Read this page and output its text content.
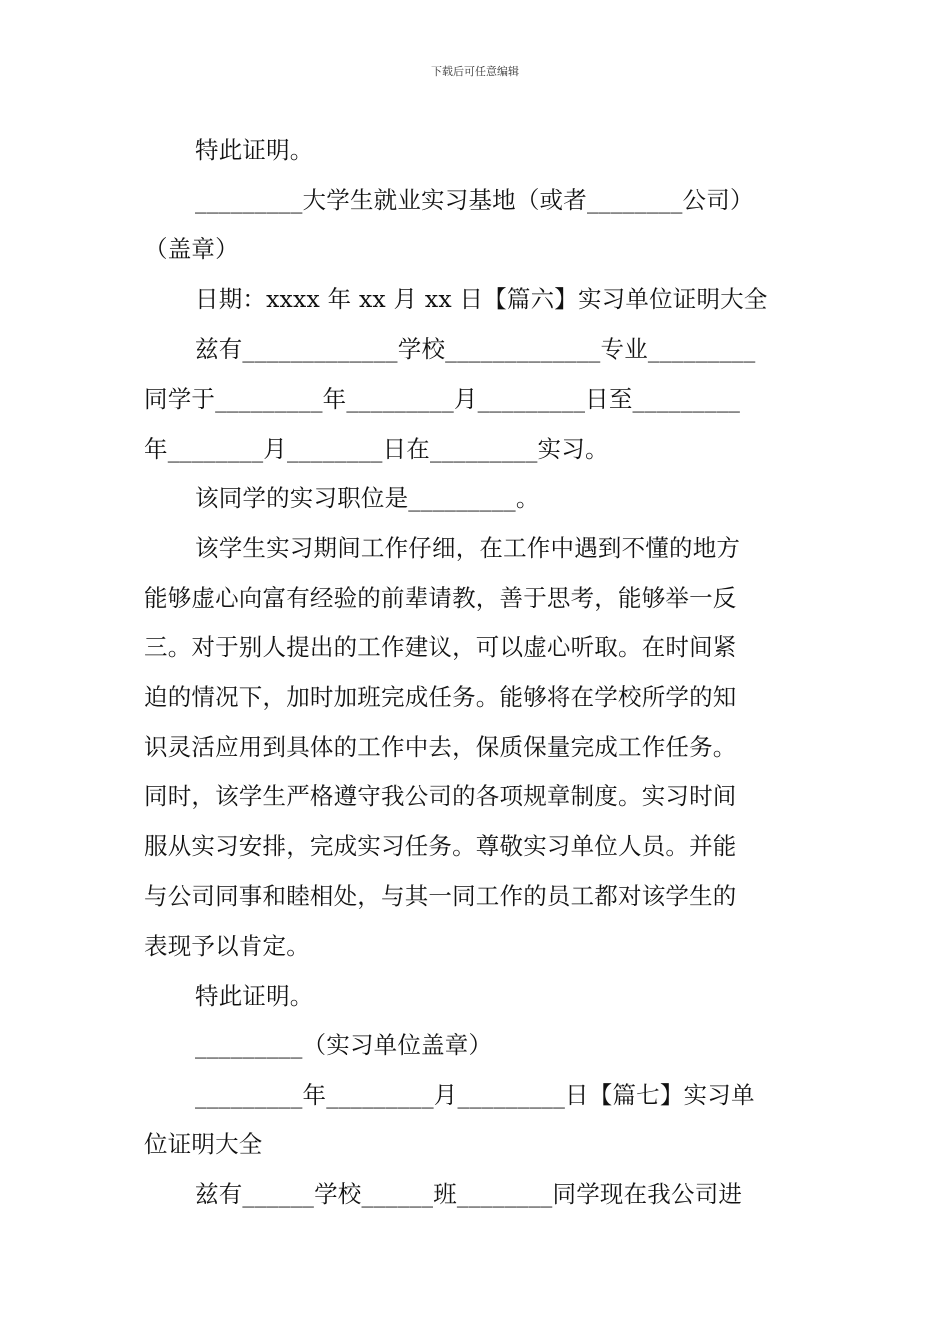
下载后可任意编辑
特此证明。
_________大学生就业实习基地（或者________公司）
（盖章）
日期：xxxx 年 xx 月 xx 日【篇六】实习单位证明大全
兹有_____________学校_____________专业_________
同学于_________年_________月_________日至_________
年________月________日在_________实习。
该同学的实习职位是_________。
该学生实习期间工作仔细，在工作中遇到不懂的地方
能够虚心向富有经验的前辈请教，善于思考，能够举一反
三。对于别人提出的工作建议，可以虚心听取。在时间紧
迫的情况下，加时加班完成任务。能够将在学校所学的知
识灵活应用到具体的工作中去，保质保量完成工作任务。
同时，该学生严格遵守我公司的各项规章制度。实习时间
服从实习安排，完成实习任务。尊敬实习单位人员。并能
与公司同事和睦相处，与其一同工作的员工都对该学生的
表现予以肯定。
特此证明。
_________（实习单位盖章）
_________年_________月_________日【篇七】实习单
位证明大全
兹有______学校______班________同学现在我公司进
